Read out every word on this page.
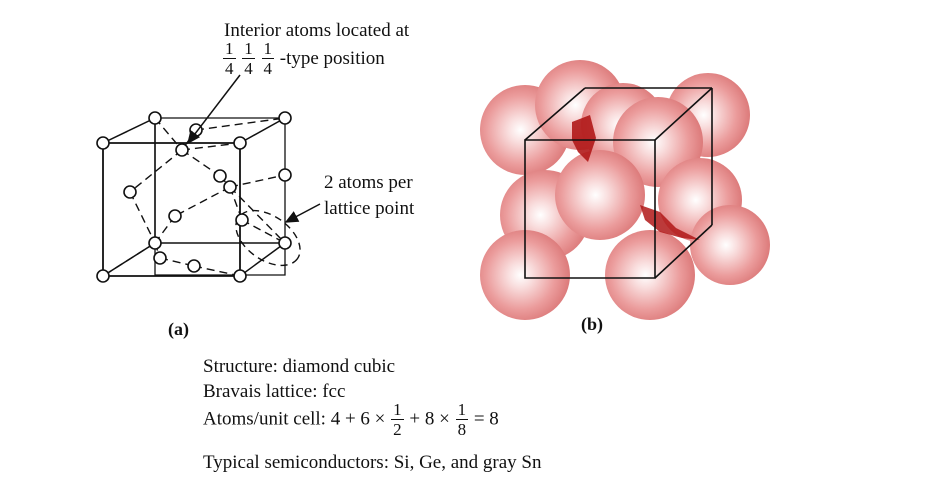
Interior atoms located at
$\frac{1}{4}$
$\frac{1}{4}$
$\frac{1}{4}$ -type position
2 atoms per
lattice point
(a)	(b)
Structure: diamond cubic
Bravais lattice: fcc
Atoms/unit cell: $4 + 6 \times \frac{1}{2} + 8 \times \frac{1}{8} = 8$
Typical semiconductors: Si, Ge, and gray Sn
